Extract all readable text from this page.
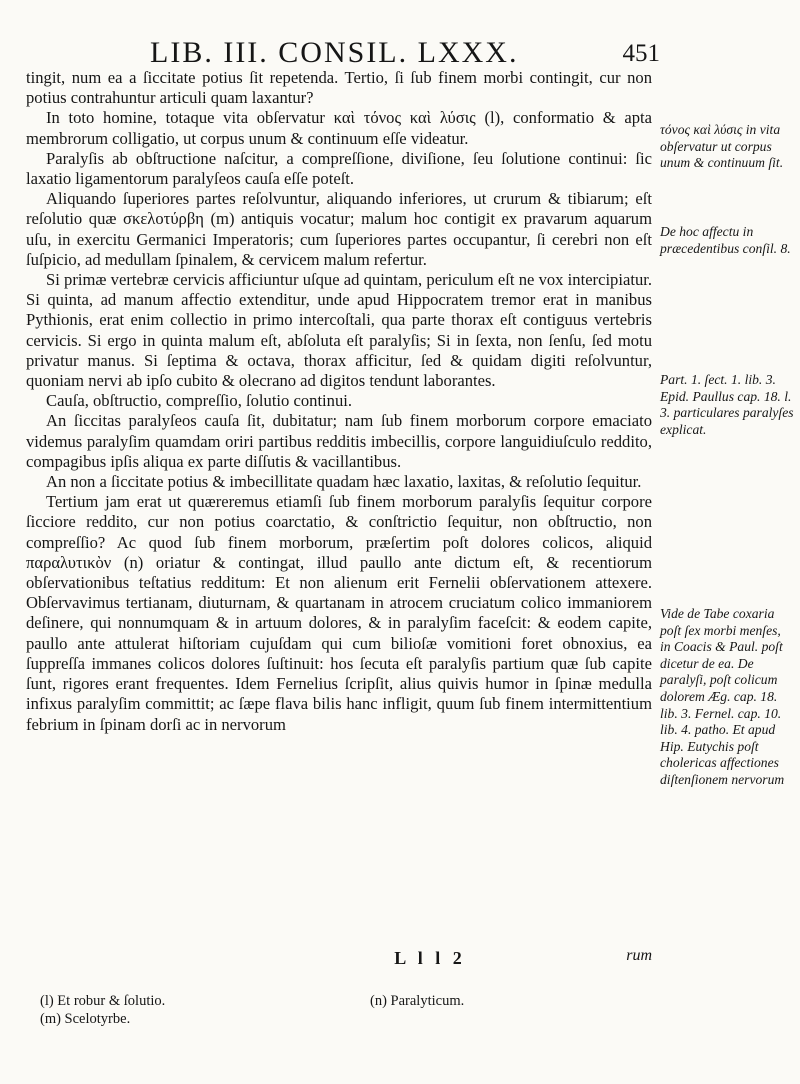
LIB. III. CONSIL. LXXX.	451

tingit, num ea a ſiccitate potius ſit repetenda. Tertio, ſi ſub finem morbi contingit, cur non potius contrahuntur articuli quam laxantur?

In toto homine, totaque vita obſervatur καὶ τόνος καὶ λύσις (l), conformatio & apta membrorum colligatio, ut corpus unum & continuum eſſe videatur.

Paralyſis ab obſtructione naſcitur, a compreſſione, diviſione, ſeu ſolutione continui: ſic laxatio ligamentorum paralyſeos cauſa eſſe poteſt.

Aliquando ſuperiores partes reſolvuntur, aliquando inferiores, ut crurum & tibiarum; eſt reſolutio quæ σκελοτύρβη (m) antiquis vocatur; malum hoc contigit ex pravarum aquarum uſu, in exercitu Germanici Imperatoris; cum ſuperiores partes occupantur, ſi cerebri non eſt ſuſpicio, ad medullam ſpinalem, & cervicem malum refertur.

Si primæ vertebræ cervicis afficiuntur uſque ad quintam, periculum eſt ne vox intercipiatur. Si quinta, ad manum affectio extenditur, unde apud Hippocratem tremor erat in manibus Pythionis, erat enim collectio in primo intercoſtali, qua parte thorax eſt contiguus vertebris cervicis. Si ergo in quinta malum eſt, abſoluta eſt paralyſis; Si in ſexta, non ſenſu, ſed motu privatur manus. Si ſeptima & octava, thorax afficitur, ſed & quidam digiti reſolvuntur, quoniam nervi ab ipſo cubito & olecrano ad digitos tendunt laborantes.

Cauſa, obſtructio, compreſſio, ſolutio continui.

An ſiccitas paralyſeos cauſa ſit, dubitatur; nam ſub finem morborum corpore emaciato videmus paralyſim quamdam oriri partibus redditis imbecillis, corpore languidiuſculo reddito, compagibus ipſis aliqua ex parte diſſutis & vacillantibus.

An non a ſiccitate potius & imbecillitate quadam hæc laxatio, laxitas, & reſolutio ſequitur.

Tertium jam erat ut quæreremus etiamſi ſub finem morborum paralyſis ſequitur corpore ſicciore reddito, cur non potius coarctatio, & conſtrictio ſequitur, non obſtructio, non compreſſio? Ac quod ſub finem morborum, præſertim poſt dolores colicos, aliquid παραλυτικὸν (n) oriatur & contingat, illud paullo ante dictum eſt, & recentiorum obſervationibus teſtatius redditum: Et non alienum erit Fernelii obſervationem attexere. Obſervavimus tertianam, diuturnam, & quartanam in atrocem cruciatum colico immaniorem deſinere, qui nonnumquam & in artuum dolores, & in paralyſim faceſcit: & eodem capite, paullo ante attulerat hiſtoriam cujuſdam qui cum bilioſæ vomitioni foret obnoxius, ea ſuppreſſa immanes colicos dolores ſuſtinuit: hos ſecuta eſt paralyſis partium quæ ſub capite ſunt, rigores erant frequentes. Idem Fernelius ſcripſit, alius quivis humor in ſpinæ medulla infixus paralyſim committit; ac ſæpe flava bilis hanc infligit, quum ſub finem intermittentium febrium in ſpinam dorſi ac in nervorum

τόνος καὶ λύσις in vita obſervatur ut corpus unum & continuum ſit.
De hoc affectu in præcedentibus conſil. 8.
Part. 1. ſect. 1. lib. 3. Epid. Paullus cap. 18. l. 3. particulares paralyſes explicat.
Vide de Tabe coxaria poſt ſex morbi menſes, in Coacis & Paul. poſt dicetur de ea. De paralyſi, poſt colicum dolorem Æg. cap. 18. lib. 3. Fernel. cap. 10. lib. 4. patho. Et apud Hip. Eutychis poſt cholericas affectiones diſtenſionem nervorum
rum
L l l 2
(l) Et robur & ſolutio.
(m) Scelotyrbe.
(n) Paralyticum.
